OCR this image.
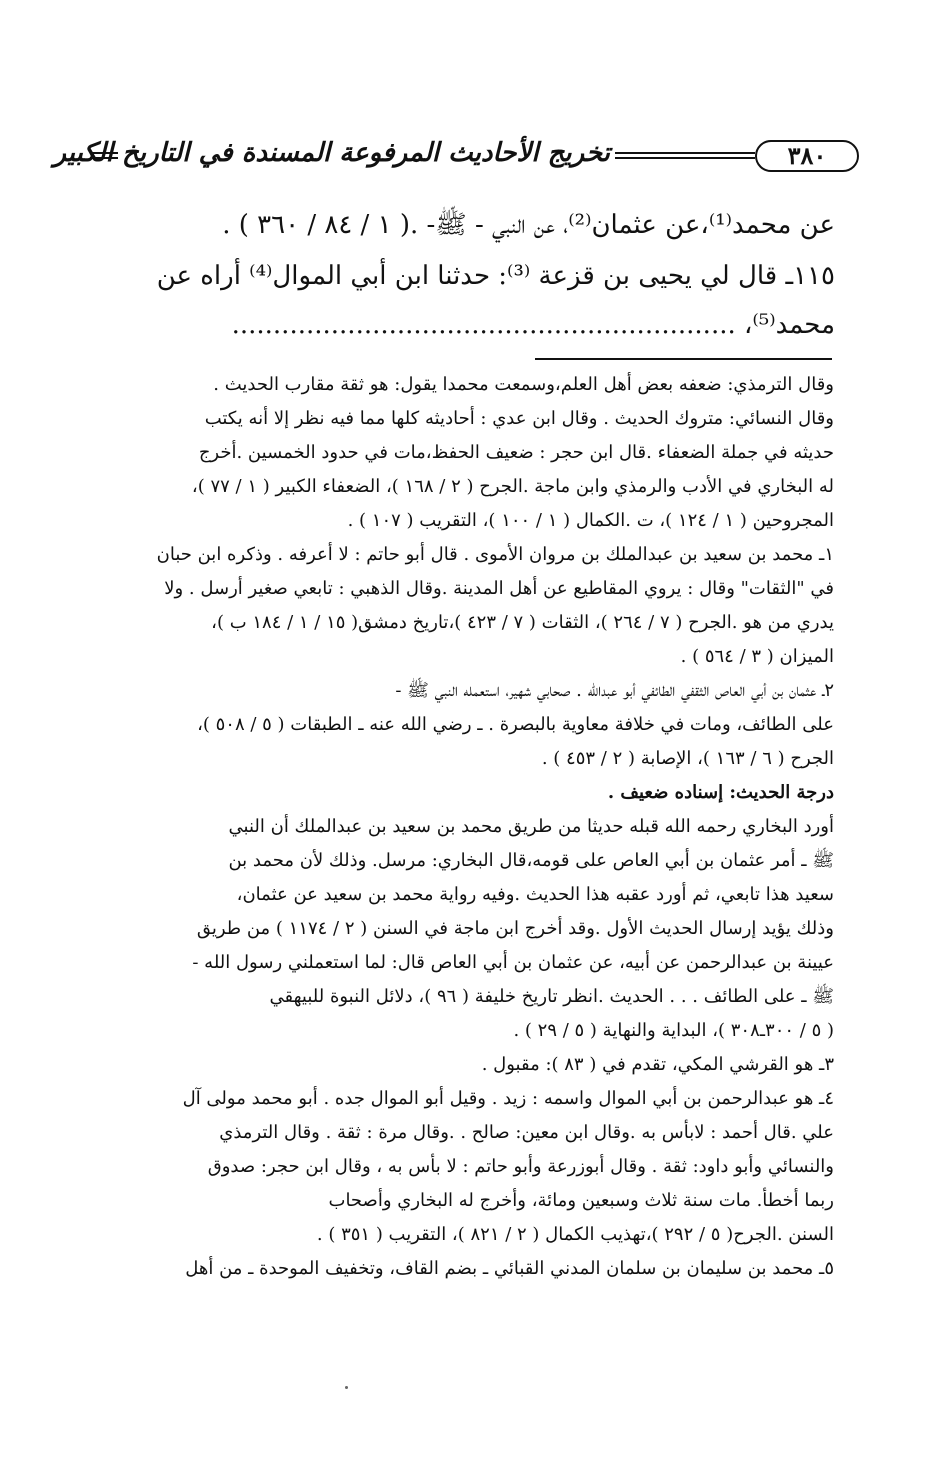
٣٨٠
تخريج الأحاديث المرفوعة المسندة في التاريخ الكبير
عن محمد⁽¹⁾،عن عثمان⁽²⁾، عن النبي - ﷺ- .( ١ / ٨٤ / ٣٦٠ ) .
١١٥ـ قال لي يحيى بن قزعة ⁽³⁾: حدثنا ابن أبي الموال⁽⁴⁾ أراه عن
محمد⁽⁵⁾، .............................................................

وقال الترمذي: ضعفه بعض أهل العلم،وسمعت محمدا يقول: هو ثقة مقارب الحديث .

وقال النسائي: متروك الحديث . وقال ابن عدي : أحاديثه كلها مما فيه نظر إلا أنه يكتب

حديثه في جملة الضعفاء .قال ابن حجر : ضعيف الحفظ،مات في حدود الخمسين .أخرج

له البخاري في الأدب والرمذي وابن ماجة .الجرح ( ٢ / ١٦٨ )، الضعفاء الكبير ( ١ / ٧٧ )،

المجروحين ( ١ / ١٢٤ )، ت .الكمال ( ١ / ١٠٠ )، التقريب ( ١٠٧ ) .

١ـ محمد بن سعيد بن عبدالملك بن مروان الأموى . قال أبو حاتم : لا أعرفه . وذكره ابن حبان

في "الثقات" وقال : يروي المقاطيع عن أهل المدينة .وقال الذهبي : تابعي صغير أرسل . ولا

يدري من هو .الجرح ( ٧ / ٢٦٤ )، الثقات ( ٧ / ٤٢٣ )،تاريخ دمشق( ١٥ / ١ / ١٨٤ ب )،

الميزان ( ٣ / ٥٦٤ ) .

٢ـ عثمان بن أبي العاص الثقفي الطائفي أبو عبدالله . صحابي شهير، استعمله النبي ﷺ -

على الطائف، ومات في خلافة معاوية بالبصرة . ـ رضي الله عنه ـ الطبقات ( ٥ / ٥٠٨ )،

الجرح ( ٦ / ١٦٣ )، الإصابة ( ٢ / ٤٥٣ ) .

درجة الحديث: إسناده ضعيف .

أورد البخاري رحمه الله قبله حديثا من طريق محمد بن سعيد بن عبدالملك أن النبي

ﷺ ـ أمر عثمان بن أبي العاص على قومه،قال البخاري: مرسل. وذلك لأن محمد بن

سعيد هذا تابعي، ثم أورد عقبه هذا الحديث .وفيه رواية محمد بن سعيد عن عثمان،

وذلك يؤيد إرسال الحديث الأول .وقد أخرج ابن ماجة في السنن ( ٢ / ١١٧٤ ) من طريق

عيينة بن عبدالرحمن عن أبيه، عن عثمان بن أبي العاص قال: لما استعملني رسول الله -

ﷺ ـ على الطائف . . . الحديث .انظر تاريخ خليفة ( ٩٦ )، دلائل النبوة للبيهقي

( ٥ / ٣٠٠ـ٣٠٨ )، البداية والنهاية ( ٥ / ٢٩ ) .

٣ـ هو القرشي المكي، تقدم في ( ٨٣ ): مقبول .

٤ـ هو عبدالرحمن بن أبي الموال واسمه : زيد . وقيل أبو الموال جده . أبو محمد مولى آل

علي .قال أحمد : لابأس به .وقال ابن معين: صالح . .وقال مرة : ثقة . وقال الترمذي

والنسائي وأبو داود: ثقة . وقال أبوزرعة وأبو حاتم : لا بأس به ، وقال ابن حجر: صدوق

ربما أخطأ. مات سنة ثلاث وسبعين ومائة، وأخرج له البخاري وأصحاب

السنن .الجرح( ٥ / ٢٩٢ )،تهذيب الكمال ( ٢ / ٨٢١ )، التقريب ( ٣٥١ ) .

٥ـ محمد بن سليمان بن سلمان المدني القبائي ـ بضم القاف، وتخفيف الموحدة ـ من أهل
